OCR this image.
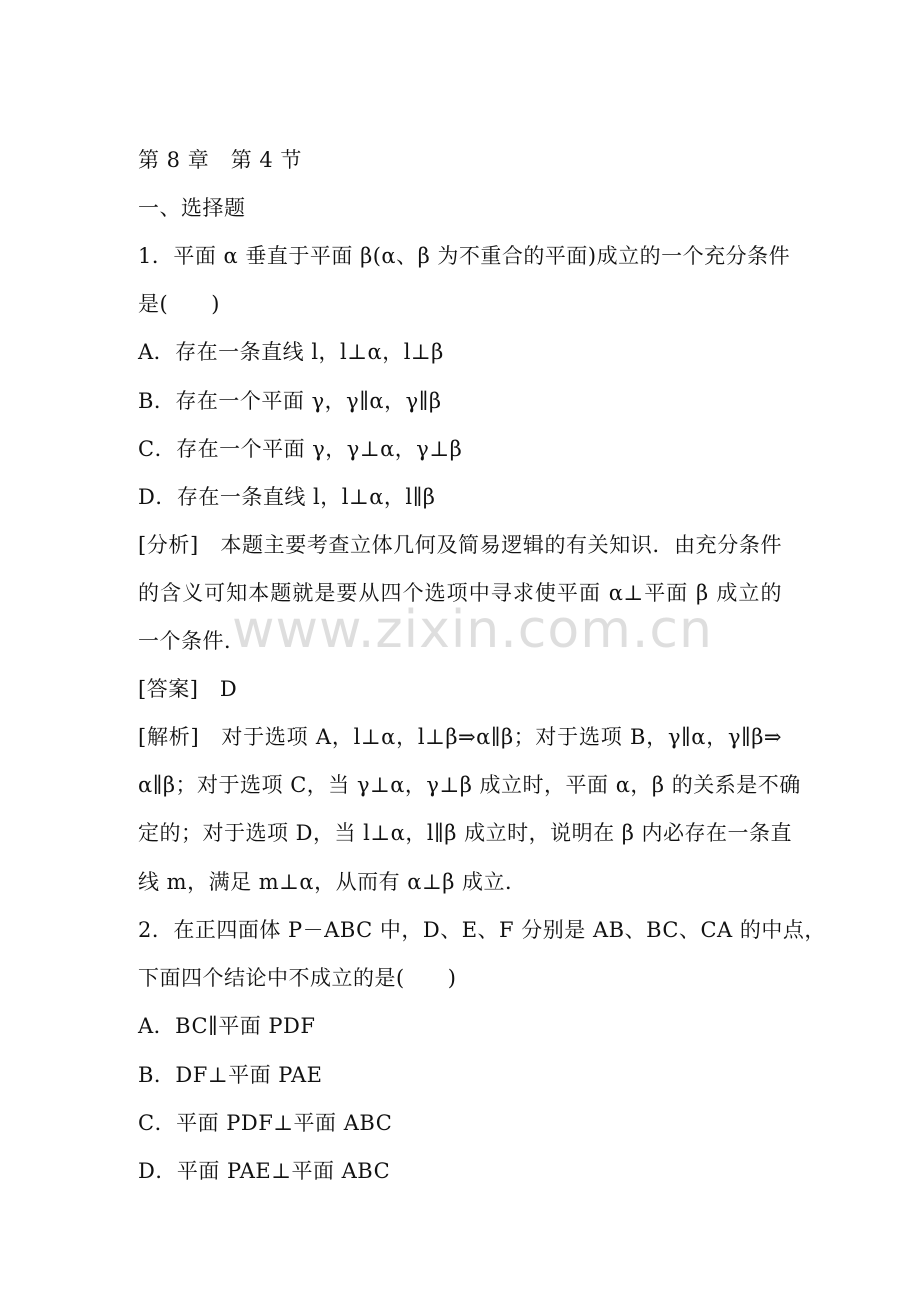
第 8 章　第 4 节
一、选择题
1．平面 α 垂直于平面 β(α、β 为不重合的平面)成立的一个充分条件
是(　　)
A．存在一条直线 l，l⊥α，l⊥β
B．存在一个平面 γ，γ∥α，γ∥β
C．存在一个平面 γ，γ⊥α，γ⊥β
D．存在一条直线 l，l⊥α，l∥β
[分析]　本题主要考查立体几何及简易逻辑的有关知识．由充分条件
的含义可知本题就是要从四个选项中寻求使平面 α⊥平面 β 成立的
一个条件．
[答案]　D
[解析]　对于选项 A，l⊥α，l⊥β⇒α∥β；对于选项 B，γ∥α，γ∥β⇒
α∥β；对于选项 C，当 γ⊥α，γ⊥β 成立时，平面 α，β 的关系是不确
定的；对于选项 D，当 l⊥α，l∥β 成立时，说明在 β 内必存在一条直
线 m，满足 m⊥α，从而有 α⊥β 成立．
2．在正四面体 P－ABC 中，D、E、F 分别是 AB、BC、CA 的中点，
下面四个结论中不成立的是(　　)
A．BC∥平面 PDF
B．DF⊥平面 PAE
C．平面 PDF⊥平面 ABC
D．平面 PAE⊥平面 ABC
www.zixin.com.cn
